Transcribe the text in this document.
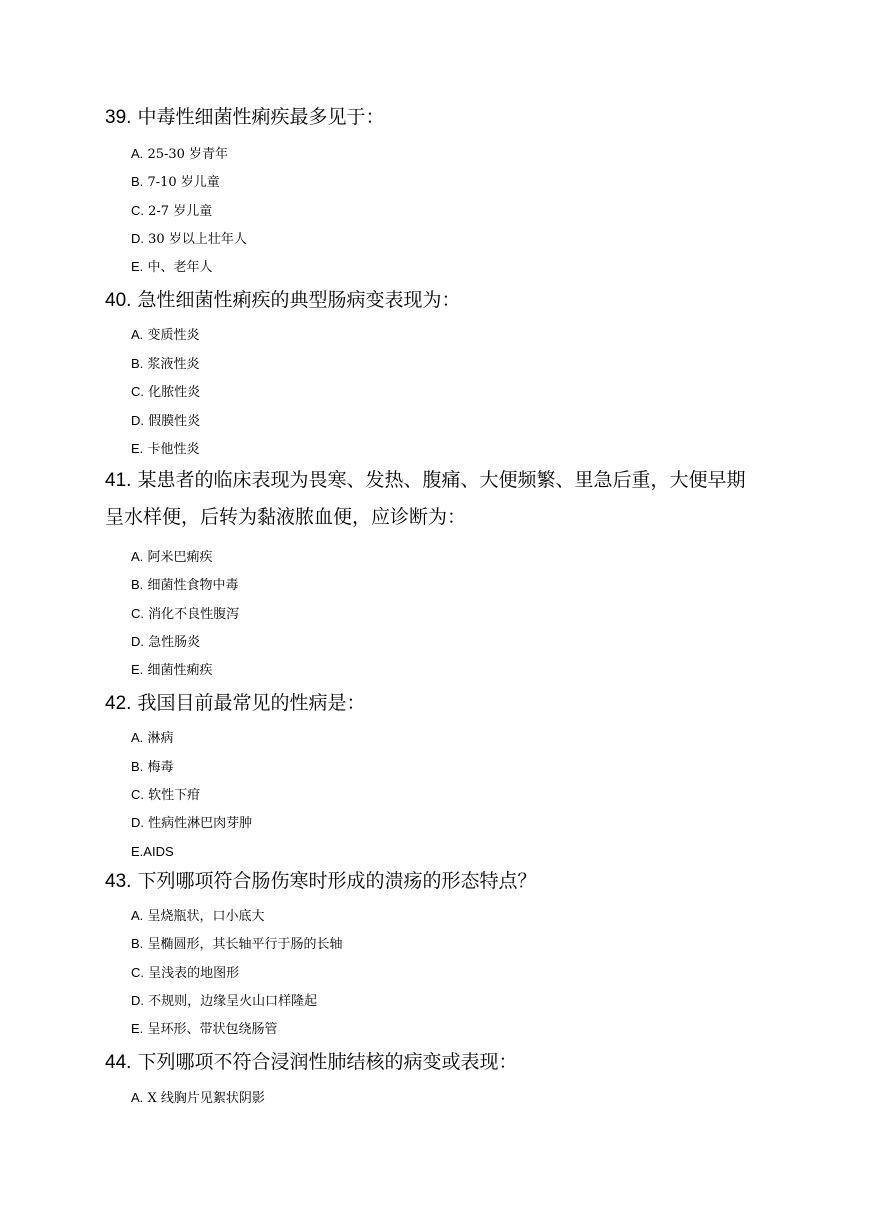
39. 中毒性细菌性痢疾最多见于：
A. 25-30 岁青年
B. 7-10 岁儿童
C. 2-7 岁儿童
D. 30 岁以上壮年人
E. 中、老年人
40. 急性细菌性痢疾的典型肠病变表现为：
A. 变质性炎
B. 浆液性炎
C. 化脓性炎
D. 假膜性炎
E. 卡他性炎
41. 某患者的临床表现为畏寒、发热、腹痛、大便频繁、里急后重，大便早期呈水样便，后转为黏液脓血便，应诊断为：
A. 阿米巴痢疾
B. 细菌性食物中毒
C. 消化不良性腹泻
D. 急性肠炎
E. 细菌性痢疾
42. 我国目前最常见的性病是：
A. 淋病
B. 梅毒
C. 软性下疳
D. 性病性淋巴肉芽肿
E.AIDS
43. 下列哪项符合肠伤寒时形成的溃疡的形态特点？
A. 呈烧瓶状，口小底大
B. 呈椭圆形，其长轴平行于肠的长轴
C. 呈浅表的地图形
D. 不规则，边缘呈火山口样隆起
E. 呈环形、带状包绕肠管
44. 下列哪项不符合浸润性肺结核的病变或表现：
A. X 线胸片见絮状阴影
